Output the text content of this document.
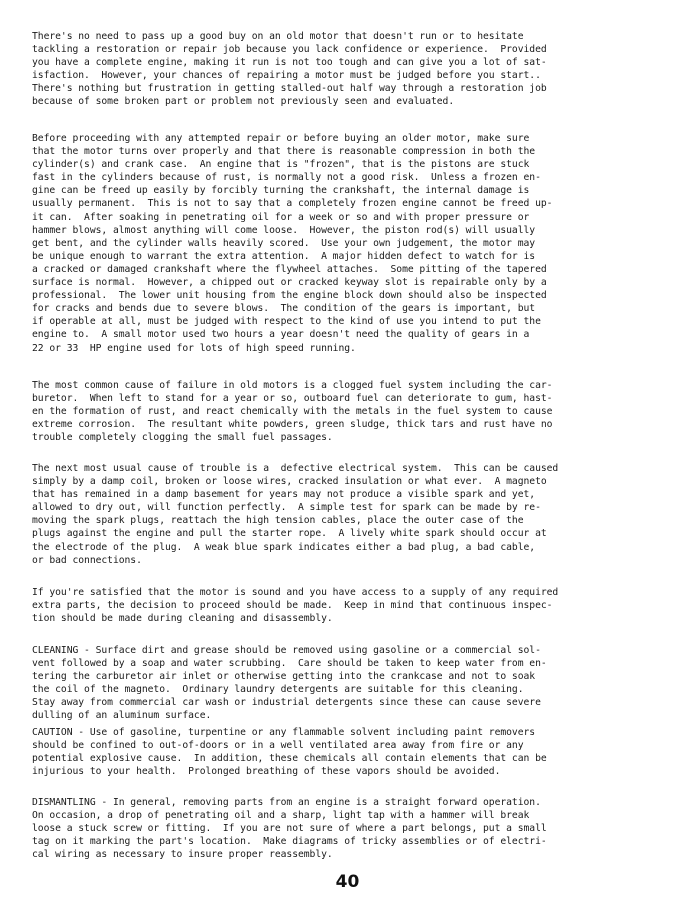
There's no need to pass up a good buy on an old motor that doesn't run or to hesitate
tackling a restoration or repair job because you lack confidence or experience.  Provided
you have a complete engine, making it run is not too tough and can give you a lot of sat-
isfaction.  However, your chances of repairing a motor must be judged before you start..
There's nothing but frustration in getting stalled-out half way through a restoration job
because of some broken part or problem not previously seen and evaluated.
Before proceeding with any attempted repair or before buying an older motor, make sure
that the motor turns over properly and that there is reasonable compression in both the
cylinder(s) and crank case.  An engine that is "frozen", that is the pistons are stuck
fast in the cylinders because of rust, is normally not a good risk.  Unless a frozen en-
gine can be freed up easily by forcibly turning the crankshaft, the internal damage is
usually permanent.  This is not to say that a completely frozen engine cannot be freed up-
it can.  After soaking in penetrating oil for a week or so and with proper pressure or
hammer blows, almost anything will come loose.  However, the piston rod(s) will usually
get bent, and the cylinder walls heavily scored.  Use your own judgement, the motor may
be unique enough to warrant the extra attention.  A major hidden defect to watch for is
a cracked or damaged crankshaft where the flywheel attaches.  Some pitting of the tapered
surface is normal.  However, a chipped out or cracked keyway slot is repairable only by a
professional.  The lower unit housing from the engine block down should also be inspected
for cracks and bends due to severe blows.  The condition of the gears is important, but
if operable at all, must be judged with respect to the kind of use you intend to put the
engine to.  A small motor used two hours a year doesn't need the quality of gears in a
22 or 33  HP engine used for lots of high speed running.
The most common cause of failure in old motors is a clogged fuel system including the car-
buretor.  When left to stand for a year or so, outboard fuel can deteriorate to gum, hast-
en the formation of rust, and react chemically with the metals in the fuel system to cause
extreme corrosion.  The resultant white powders, green sludge, thick tars and rust have no
trouble completely clogging the small fuel passages.
The next most usual cause of trouble is a  defective electrical system.  This can be caused
simply by a damp coil, broken or loose wires, cracked insulation or what ever.  A magneto
that has remained in a damp basement for years may not produce a visible spark and yet,
allowed to dry out, will function perfectly.  A simple test for spark can be made by re-
moving the spark plugs, reattach the high tension cables, place the outer case of the
plugs against the engine and pull the starter rope.  A lively white spark should occur at
the electrode of the plug.  A weak blue spark indicates either a bad plug, a bad cable,
or bad connections.
If you're satisfied that the motor is sound and you have access to a supply of any required
extra parts, the decision to proceed should be made.  Keep in mind that continuous inspec-
tion should be made during cleaning and disassembly.
CLEANING - Surface dirt and grease should be removed using gasoline or a commercial sol-
vent followed by a soap and water scrubbing.  Care should be taken to keep water from en-
tering the carburetor air inlet or otherwise getting into the crankcase and not to soak
the coil of the magneto.  Ordinary laundry detergents are suitable for this cleaning.
Stay away from commercial car wash or industrial detergents since these can cause severe
dulling of an aluminum surface.
CAUTION - Use of gasoline, turpentine or any flammable solvent including paint removers
should be confined to out-of-doors or in a well ventilated area away from fire or any
potential explosive cause.  In addition, these chemicals all contain elements that can be
injurious to your health.  Prolonged breathing of these vapors should be avoided.
DISMANTLING - In general, removing parts from an engine is a straight forward operation.
On occasion, a drop of penetrating oil and a sharp, light tap with a hammer will break
loose a stuck screw or fitting.  If you are not sure of where a part belongs, put a small
tag on it marking the part's location.  Make diagrams of tricky assemblies or of electri-
cal wiring as necessary to insure proper reassembly.
40
